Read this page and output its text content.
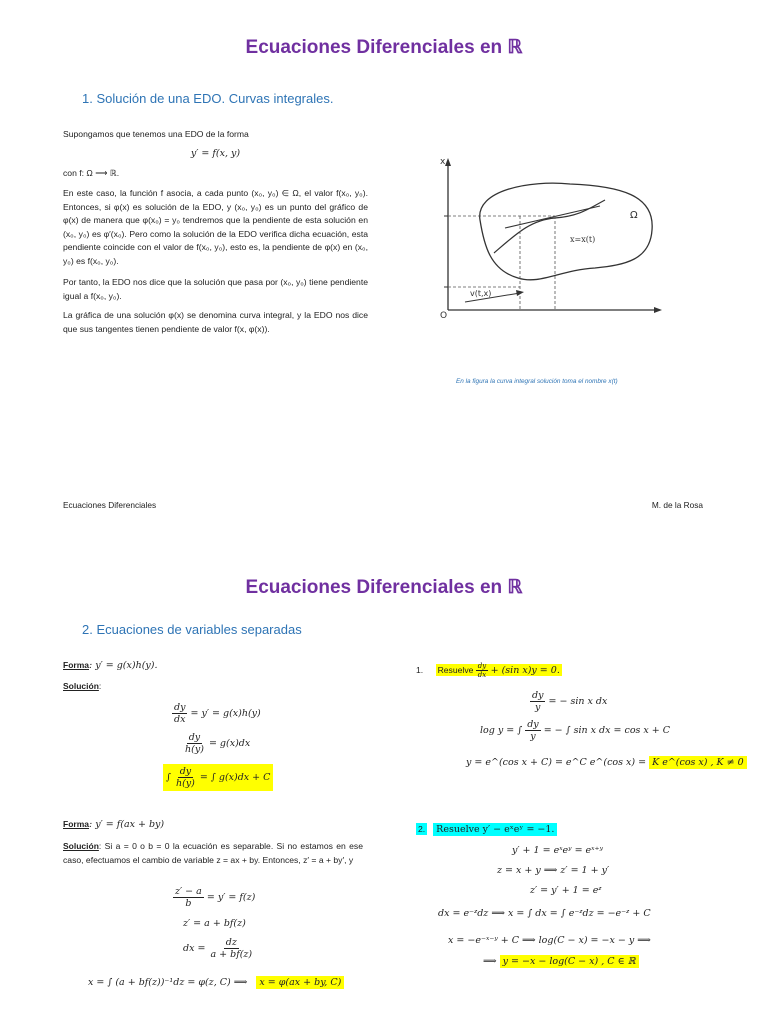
Ecuaciones Diferenciales en ℝ
1. Solución de una EDO. Curvas integrales.
Supongamos que tenemos una EDO de la forma
y′ = f(x, y)
con f: Ω ⟶ ℝ.
En este caso, la función f asocia, a cada punto (x₀, y₀) ∈ Ω, el valor f(x₀, y₀). Entonces, si φ(x) es solución de la EDO, y (x₀, y₀) es un punto del gráfico de φ(x) de manera que φ(x₀) = y₀ tendremos que la pendiente de esta solución en (x₀, y₀) es φ′(x₀). Pero como la solución de la EDO verifica dicha ecuación, esta pendiente coincide con el valor de f(x₀, y₀), esto es, la pendiente de φ(x) en (x₀, y₀) es f(x₀, y₀).
Por tanto, la EDO nos dice que la solución que pasa por (x₀, y₀) tiene pendiente igual a f(x₀, y₀).
La gráfica de una solución φ(x) se denomina curva integral, y la EDO nos dice que sus tangentes tienen pendiente de valor f(x, φ(x)).
x
Ω
x=x(t)
v(t,x)
O
En la figura la curva integral solución toma el nombre x(t)
Ecuaciones Diferenciales	M. de la Rosa
Ecuaciones Diferenciales en ℝ
2. Ecuaciones de variables separadas
Forma: y′ = g(x)h(y).
Solución:
$\frac{dy}{dx} = y' = g(x)h(y)$
$\frac{dy}{h(y)} = g(x)dx$
∫ $\frac{dy}{h(y)}$ = ∫ g(x)dx + C
Forma: y′ = f(ax + by)
Solución: Si a = 0 o b = 0 la ecuación es separable. Si no estamos en ese caso, efectuamos el cambio de variable z = ax + by. Entonces, z′ = a + by′, y
$\frac{z' - a}{b} = y' = f(z)$
z′ = a + bf(z)
dx = $\frac{dz}{a + bf(z)}$
x = ∫ (a + bf(z))⁻¹dz = φ(z, C) ⟹ x = φ(ax + by, C)
1. Resuelve $\frac{dy}{dx} + (\sin$ x)y = 0.
$\frac{dy}{y}$ = − sin x dx
log y = ∫ $\frac{dy}{y}$ = − ∫ sin x dx = cos x + C
y = e^(cos x + C) = e^C e^(cos x) = K e^(cos x) , K ≠ 0
2. Resuelve y′ − eˣeʸ = −1.
y′ + 1 = eˣeʸ = eˣ⁺ʸ
z = x + y ⟹ z′ = 1 + y′
z′ = y′ + 1 = eᶻ
dx = e⁻ᶻdz ⟹ x = ∫ dx = ∫ e⁻ᶻdz = −e⁻ᶻ + C
x = −e⁻ˣ⁻ʸ + C ⟹ log(C − x) = −x − y ⟹
⟹ y = −x − log(C − x) , C ∈ ℝ
